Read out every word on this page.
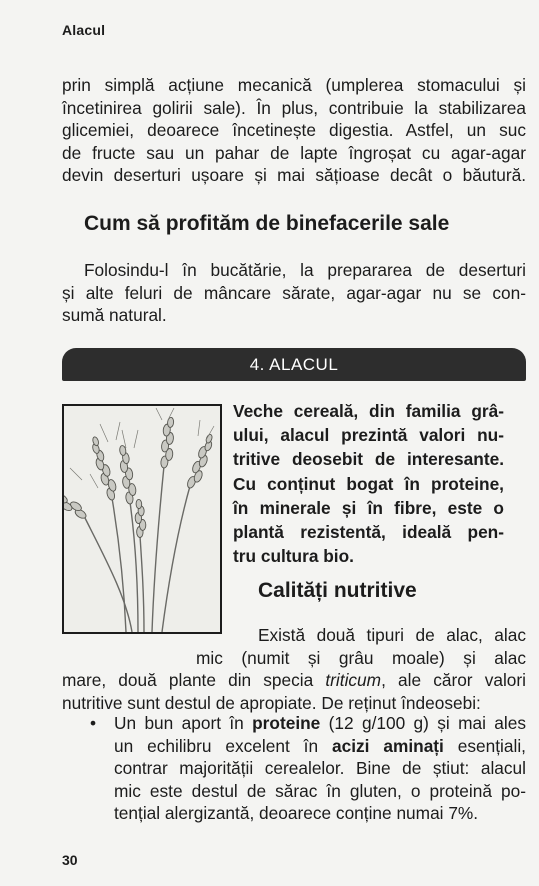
Alacul
prin simplă acțiune mecanică (umplerea stomacului și
încetinirea golirii sale). În plus, contribuie la stabilizarea
glicemiei, deoarece încetinește digestia. Astfel, un suc
de fructe sau un pahar de lapte îngroșat cu agar-agar
devin deserturi ușoare și mai sățioase decât o băutură.
Cum să profităm de binefacerile sale
Folosindu-l în bucătărie, la prepararea de deserturi
și alte feluri de mâncare sărate, agar-agar nu se con-
sumă natural.
4. ALACUL
Veche cereală, din familia grâ-
ului, alacul prezintă valori nu-
tritive deosebit de interesante.
Cu conținut bogat în proteine,
în minerale și în fibre, este o
plantă rezistentă, ideală pen-
tru cultura bio.
Calități nutritive
Există două tipuri de alac, alac
mic (numit și grâu moale) și alac
mare, două plante din specia triticum, ale căror valori
nutritive sunt destul de apropiate. De reținut îndeosebi:
• Un bun aport în proteine (12 g/100 g) și mai ales
un echilibru excelent în acizi aminați esențiali,
contrar majorității cerealelor. Bine de știut: alacul
mic este destul de sărac în gluten, o proteină po-
tențial alergizantă, deoarece conține numai 7%.
30
